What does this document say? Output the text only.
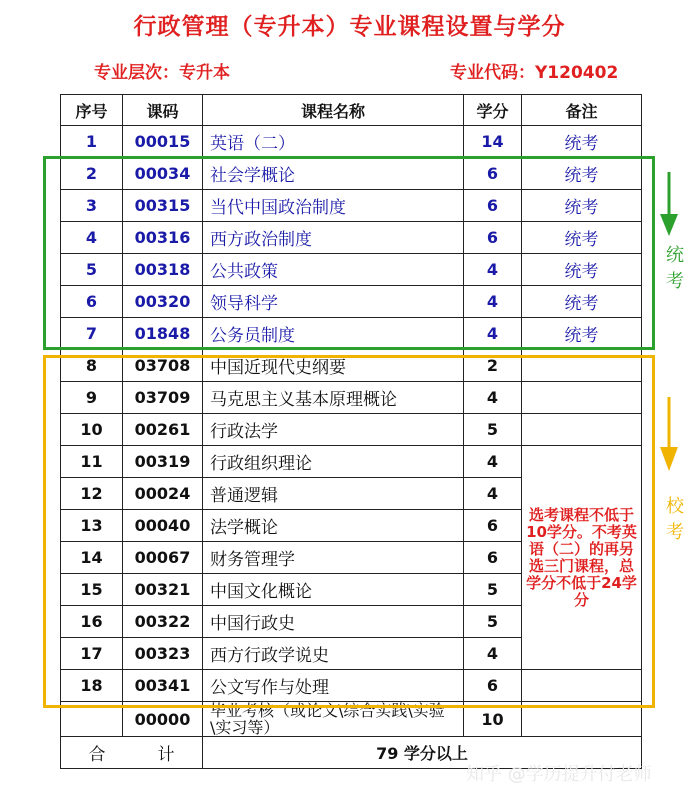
行政管理（专升本）专业课程设置与学分
专业层次：专升本	专业代码：Y120402
序号	课码	课程名称	学分	备注
1	00015	英语（二）	14	统考
2	00034	社会学概论	6	统考
3	00315	当代中国政治制度	6	统考
4	00316	西方政治制度	6	统考
5	00318	公共政策	4	统考
6	00320	领导科学	4	统考
7	01848	公务员制度	4	统考
8	03708	中国近现代史纲要	2	
9	03709	马克思主义基本原理概论	4	
10	00261	行政法学	5	
11	00319	行政组织理论	4	选考课程不低于10学分。不考英语（二）的再另选三门课程，总学分不低于24学分

12	00024	普通逻辑	4	
13	00040	法学概论	6	
14	00067	财务管理学	6	
15	00321	中国文化概论	5	
16	00322	中国行政史	5	
17	00323	西方行政学说史	4	
18	00341	公文写作与处理	6	
	00000	毕业考核（或论文\综合实践\实验\实习等）	10	
合 计		79 学分以上		
统考
校考
知乎 @学历提升付老师
